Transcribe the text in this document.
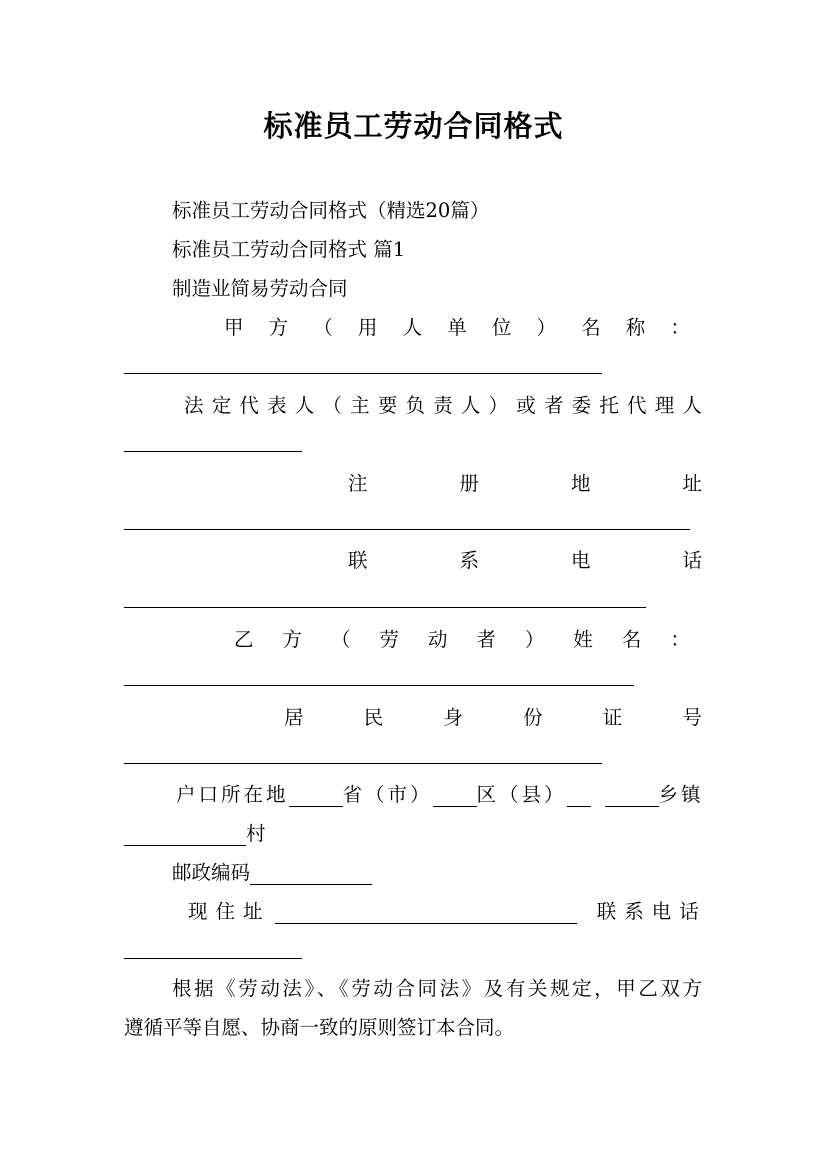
标准员工劳动合同格式
标准员工劳动合同格式（精选20篇）
标准员工劳动合同格式 篇1
制造业简易劳动合同
甲 方 （ 用 人 单 位 ） 名 称 ：
法 定 代 表 人 （ 主 要 负 责 人 ） 或 者 委 托 代 理 人
注	册	地	址
联	系	电	话
乙 方 （ 劳 动 者 ） 姓 名 ：
居	民	身	份	证	号
户口所在地	省（市） 区（县）	乡镇
村
邮政编码
现住址	联系电话
根据《劳动法》、《劳动合同法》及有关规定，甲乙双方
遵循平等自愿、协商一致的原则签订本合同。
